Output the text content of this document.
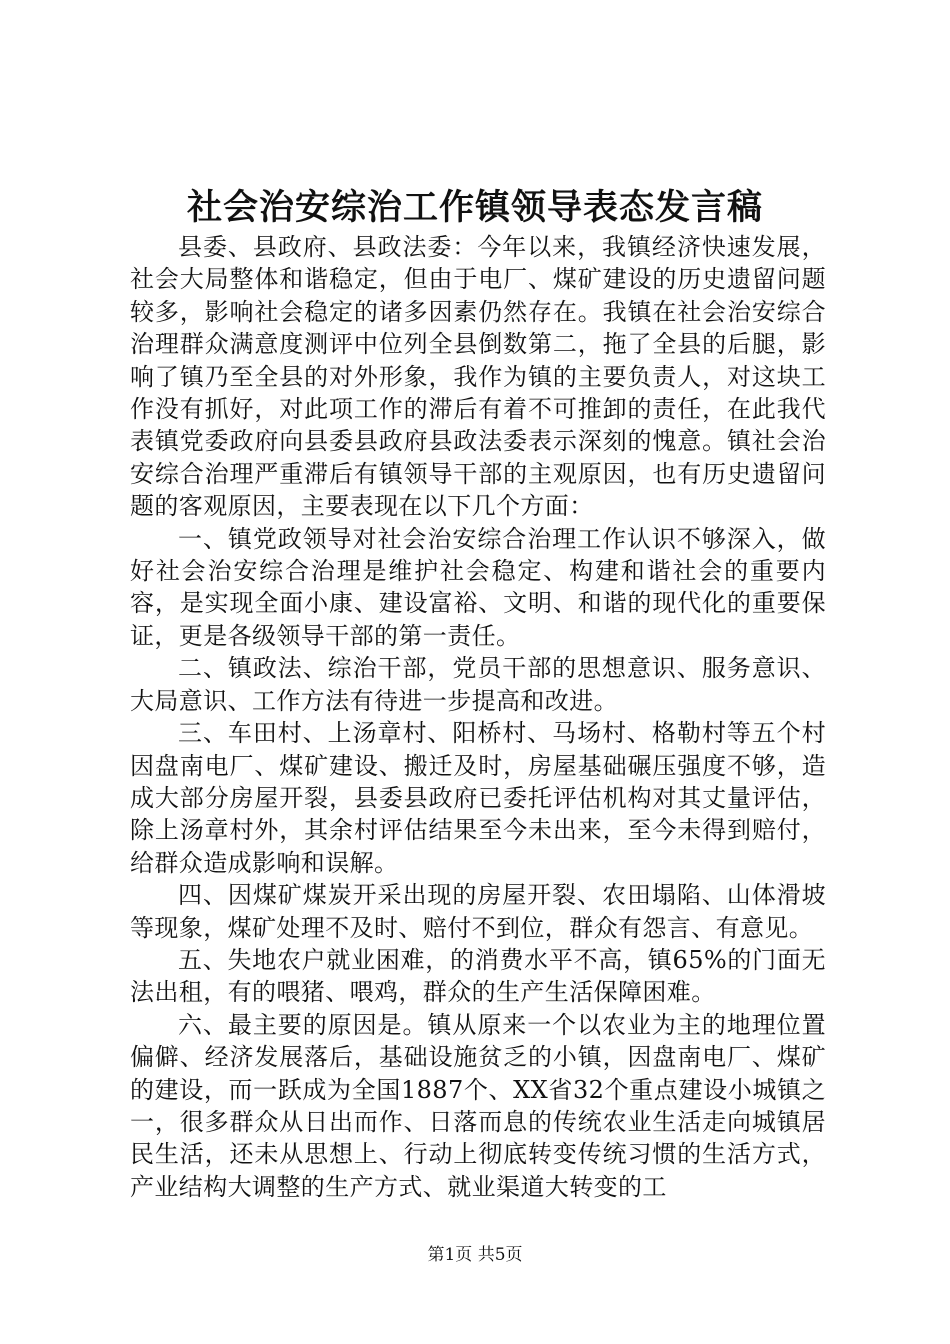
社会治安综治工作镇领导表态发言稿

县委、县政府、县政法委：今年以来，我镇经济快速发展，社会大局整体和谐稳定，但由于电厂、煤矿建设的历史遗留问题较多，影响社会稳定的诸多因素仍然存在。我镇在社会治安综合治理群众满意度测评中位列全县倒数第二，拖了全县的后腿，影响了镇乃至全县的对外形象，我作为镇的主要负责人，对这块工作没有抓好，对此项工作的滞后有着不可推卸的责任，在此我代表镇党委政府向县委县政府县政法委表示深刻的愧意。镇社会治安综合治理严重滞后有镇领导干部的主观原因，也有历史遗留问题的客观原因，主要表现在以下几个方面：

一、镇党政领导对社会治安综合治理工作认识不够深入，做好社会治安综合治理是维护社会稳定、构建和谐社会的重要内容，是实现全面小康、建设富裕、文明、和谐的现代化的重要保证，更是各级领导干部的第一责任。

二、镇政法、综治干部，党员干部的思想意识、服务意识、大局意识、工作方法有待进一步提高和改进。

三、车田村、上汤章村、阳桥村、马场村、格勒村等五个村因盘南电厂、煤矿建设、搬迁及时，房屋基础碾压强度不够，造成大部分房屋开裂，县委县政府已委托评估机构对其丈量评估，除上汤章村外，其余村评估结果至今未出来，至今未得到赔付，给群众造成影响和误解。

四、因煤矿煤炭开采出现的房屋开裂、农田塌陷、山体滑坡等现象，煤矿处理不及时、赔付不到位，群众有怨言、有意见。

五、失地农户就业困难，的消费水平不高，镇65%的门面无法出租，有的喂猪、喂鸡，群众的生产生活保障困难。

六、最主要的原因是。镇从原来一个以农业为主的地理位置偏僻、经济发展落后，基础设施贫乏的小镇，因盘南电厂、煤矿的建设，而一跃成为全国1887个、XX省32个重点建设小城镇之一，很多群众从日出而作、日落而息的传统农业生活走向城镇居民生活，还未从思想上、行动上彻底转变传统习惯的生活方式，产业结构大调整的生产方式、就业渠道大转变的工

第1页 共5页
